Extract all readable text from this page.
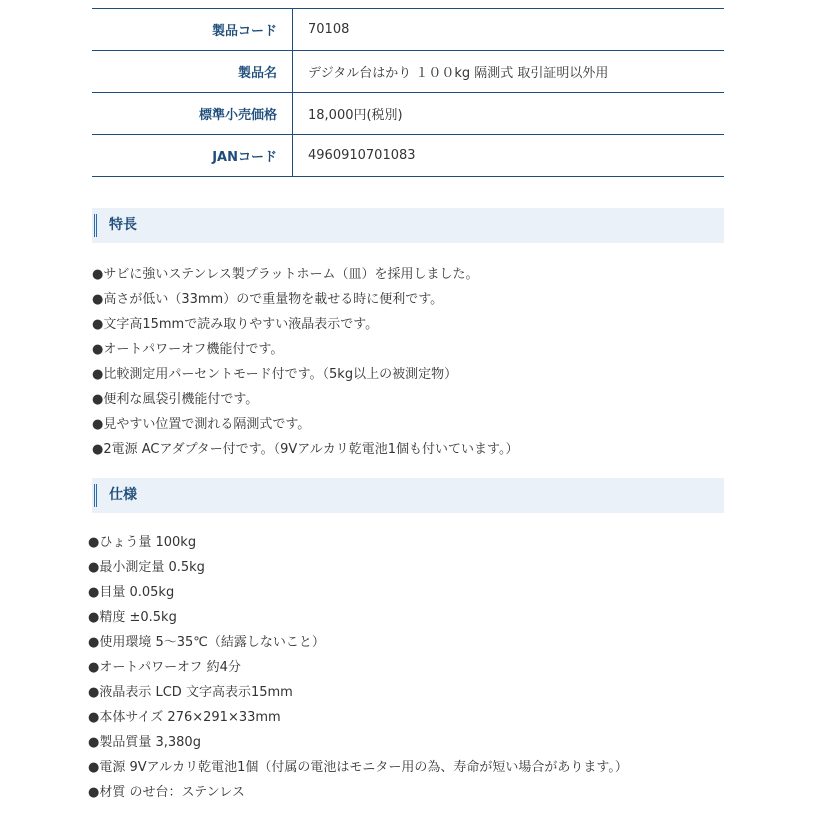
製品コード	70108
製品名	デジタル台はかり １００kg 隔測式 取引証明以外用
標準小売価格	18,000円(税別)
JANコード	4960910701083
特長
●サビに強いステンレス製プラットホーム（皿）を採用しました。
●高さが低い（33mm）ので重量物を載せる時に便利です。
●文字高15mmで読み取りやすい液晶表示です。
●オートパワーオフ機能付です。
●比較測定用パーセントモード付です。（5kg以上の被測定物）
●便利な風袋引機能付です。
●見やすい位置で測れる隔測式です。
●2電源 ACアダプター付です。（9Vアルカリ乾電池1個も付いています。）
仕様
●ひょう量 100kg
●最小測定量 0.5kg
●目量 0.05kg
●精度 ±0.5kg
●使用環境 5～35℃（結露しないこと）
●オートパワーオフ 約4分
●液晶表示 LCD 文字高表示15mm
●本体サイズ 276×291×33mm
●製品質量 3,380g
●電源 9Vアルカリ乾電池1個（付属の電池はモニター用の為、寿命が短い場合があります。）
●材質 のせ台：ステンレス
